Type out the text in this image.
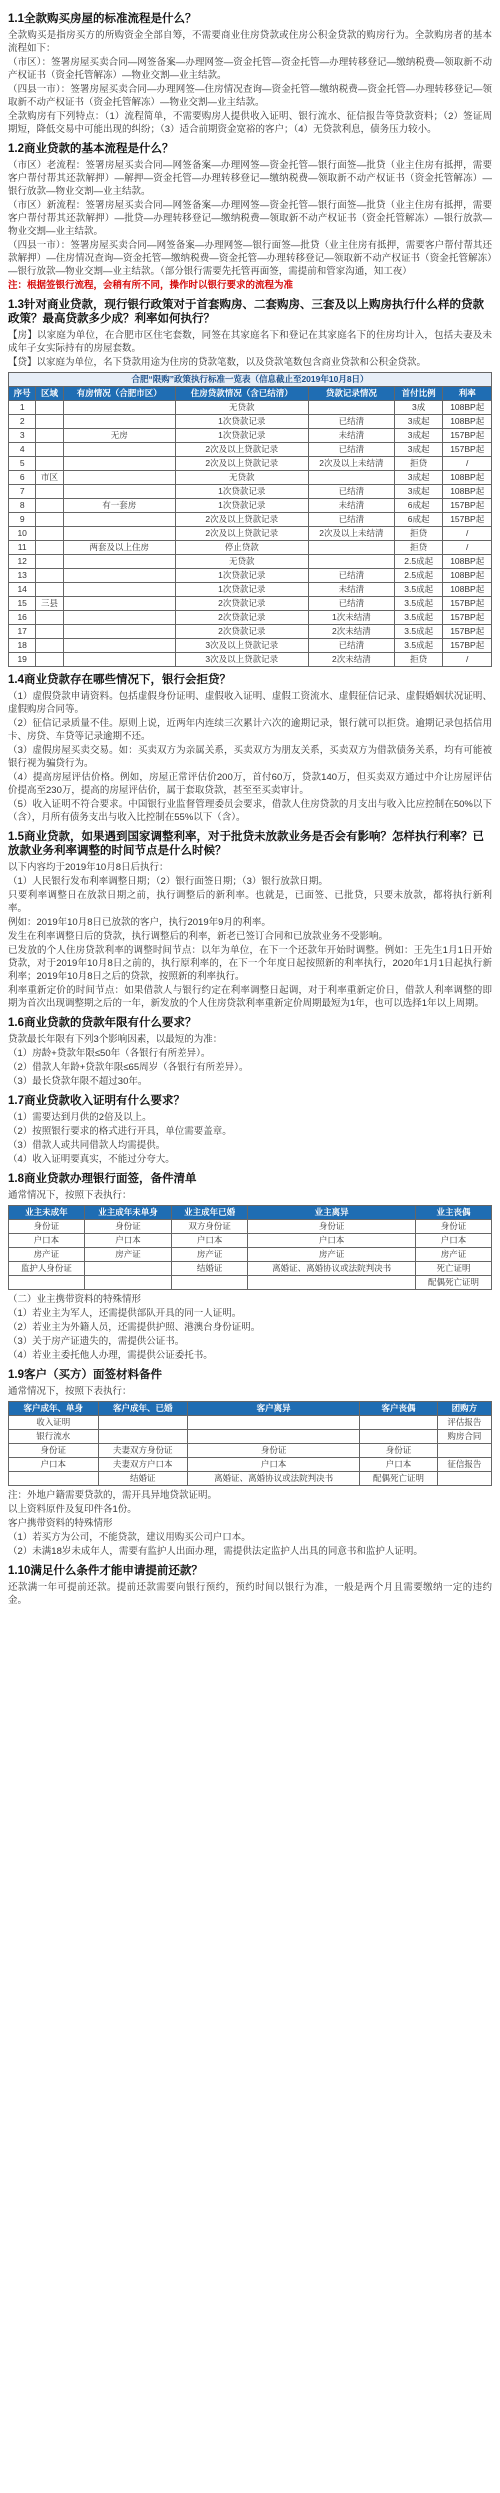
1.1全款购买房屋的标准流程是什么？

全款购买是指房买方的所购资金全部自筹，不需要商业住房贷款或住房公积金贷款的购房行为。全款购房者的基本流程如下：

（市区）：签署房屋买卖合同—网签备案—办理网签—资金托管—资金托管—办理转移登记—缴纳税费—领取新不动产权证书（资金托管解冻）—物业交割—业主结款。

（四县一市）：签署房屋买卖合同—办理网签—住房情况查询—资金托管—缴纳税费—资金托管—办理转移登记—领取新不动产权证书（资金托管解冻）—物业交割—业主结款。

全款购房有下列特点：（1）流程简单，不需要购房人提供收入证明、银行流水、征信报告等贷款资料；（2）签证周期短，降低交易中可能出现的纠纷；（3）适合前期资金宽裕的客户；（4）无贷款利息，债务压力较小。

1.2商业贷款的基本流程是什么？

（市区）老流程：签署房屋买卖合同—网签备案—办理网签—资金托管—银行面签—批贷（业主住房有抵押，需要客户帮付帮其还款解押）—解押—资金托管—办理转移登记—缴纳税费—领取新不动产权证书（资金托管解冻）—银行放款—物业交割—业主结款。

（市区）新流程：签署房屋买卖合同—网签备案—办理网签—资金托管—银行面签—批贷（业主住房有抵押，需要客户帮付帮其还款解押）—批贷—办理转移登记—缴纳税费—领取新不动产权证书（资金托管解冻）—银行放款—物业交割—业主结款。

（四县一市）：签署房屋买卖合同—网签备案—办理网签—银行面签—批贷（业主住房有抵押，需要客户帮付帮其还款解押）—住房情况查询—资金托管—缴纳税费—资金托管—办理转移登记—领取新不动产权证书（资金托管解冻）—银行放款—物业交割—业主结款。（部分银行需要先托管再面签，需提前和管家沟通，知工夜）

注：根据签银行流程，会稍有所不同，操作时以银行要求的流程为准

1.3针对商业贷款，现行银行政策对于首套购房、二套购房、三套及以上购房执行什么样的贷款政策？最高贷款多少成？利率如何执行？

【房】以家庭为单位，在合肥市区住宅套数，同签在其家庭名下和登记在其家庭名下的住房均计入，包括夫妻及未成年子女实际持有的房屋套数。

【贷】以家庭为单位，名下贷款用途为住房的贷款笔数，以及贷款笔数包含商业贷款和公积金贷款。

合肥“限购”政策执行标准一览表（信息截止至2019年10月8日）						
序号	区域	有房情况（合肥市区）	住房贷款情况（含已结清）	贷款记录情况	首付比例	利率
1			无贷款		3成	108BP起
2			1次贷款记录	已结清	3成起	108BP起
3		无房	1次贷款记录	未结清	3成起	157BP起
4			2次及以上贷款记录	已结清	3成起	157BP起
5			2次及以上贷款记录	2次及以上未结清	拒贷	/
6	市区		无贷款		3成起	108BP起
7			1次贷款记录	已结清	3成起	108BP起
8		有一套房	1次贷款记录	未结清	6成起	157BP起
9			2次及以上贷款记录	已结清	6成起	157BP起
10			2次及以上贷款记录	2次及以上未结清	拒贷	/
11		两套及以上住房	停止贷款		拒贷	/
12			无贷款		2.5成起	108BP起
13			1次贷款记录	已结清	2.5成起	108BP起
14			1次贷款记录	未结清	3.5成起	108BP起
15	三县		2次贷款记录	已结清	3.5成起	157BP起
16			2次贷款记录	1次未结清	3.5成起	157BP起
17			2次贷款记录	2次未结清	3.5成起	157BP起
18			3次及以上贷款记录	已结清	3.5成起	157BP起
19			3次及以上贷款记录	2次未结清	拒贷	/
1.4商业贷款存在哪些情况下，银行会拒贷？

（1）虚假贷款申请资料。包括虚假身份证明、虚假收入证明、虚假工资流水、虚假征信记录、虚假婚姻状况证明、虚假购房合同等。

（2）征信记录质量不佳。原则上说，近两年内连续三次累计六次的逾期记录，银行就可以拒贷。逾期记录包括信用卡、房贷、车贷等记录逾期不还。

（3）虚假房屋买卖交易。如：买卖双方为亲属关系，买卖双方为朋友关系，买卖双方为借款债务关系，均有可能被银行视为骗贷行为。

（4）提高房屋评估价格。例如，房屋正常评估价200万，首付60万，贷款140万，但买卖双方通过中介让房屋评估价提高至230万，提高的房屋评估价，属于套取贷款，甚至至买卖审计。

（5）收入证明不符合要求。中国银行业监督管理委员会要求，借款人住房贷款的月支出与收入比应控制在50%以下（含），月所有债务支出与收入比控制在55%以下（含）。

1.5商业贷款，如果遇到国家调整利率，对于批贷未放款业务是否会有影响？怎样执行利率？已放款业务利率调整的时间节点是什么时候？

以下内容均于2019年10月8日后执行：

（1）人民银行发布利率调整日期；（2）银行面签日期；（3）银行放款日期。

只要利率调整日在放款日期之前，执行调整后的新利率。也就是，已面签、已批贷，只要未放款，都将执行新利率。

例如：2019年10月8日已放款的客户，执行2019年9月的利率。

发生在利率调整日后的贷款，执行调整后的利率，新老已签订合同和已放款业务不受影响。

已发放的个人住房贷款利率的调整时间节点：以年为单位，在下一个还款年开始时调整。例如：王先生1月1日开始贷款，对于2019年10月8日之前的，执行原利率的，在下一个年度日起按照新的利率执行，2020年1月1日起执行新利率；2019年10月8日之后的贷款，按照新的利率执行。

利率重新定价的时间节点：如果借款人与银行约定在利率调整日起调，对于利率重新定价日，借款人利率调整的即期为首次出现调整期之后的一年，新发放的个人住房贷款利率重新定价周期最短为1年，也可以选择1年以上周期。

1.6商业贷款的贷款年限有什么要求？

贷款最长年限有下列3个影响因素，以最短的为准：

（1）房龄+贷款年限≤50年（各银行有所差异）。

（2）借款人年龄+贷款年限≤65周岁（各银行有所差异）。

（3）最长贷款年限不超过30年。

1.7商业贷款收入证明有什么要求？

（1）需要达到月供的2倍及以上。

（2）按照银行要求的格式进行开具，单位需要盖章。

（3）借款人或共同借款人均需提供。

（4）收入证明要真实，不能过分夸大。

1.8商业贷款办理银行面签，备件清单

通常情况下，按照下表执行：

业主未成年	业主成年未单身	业主成年已婚	业主离异	业主丧偶
身份证	身份证	双方身份证	身份证	身份证
户口本	户口本	户口本	户口本	户口本
房产证	房产证	房产证	房产证	房产证
监护人身份证		结婚证	离婚证、离婚协议或法院判决书	死亡证明
				配偶死亡证明

（二）业主携带资料的特殊情形

（1）若业主为军人，还需提供部队开具的同一人证明。

（2）若业主为外籍人员，还需提供护照、港澳台身份证明。

（3）关于房产证遗失的，需提供公证书。

（4）若业主委托他人办理，需提供公证委托书。

1.9客户（买方）面签材料备件

通常情况下，按照下表执行：

客户成年、单身	客户成年、已婚	客户离异	客户丧偶	团购方
收入证明				评估报告
银行流水				购房合同
身份证	夫妻双方身份证	身份证	身份证	
户口本	夫妻双方户口本	户口本	户口本	征信报告
	结婚证	离婚证、离婚协议或法院判决书	配偶死亡证明	

注：外地户籍需要贷款的，需开具异地贷款证明。

以上资料原件及复印件各1份。

客户携带资料的特殊情形

（1）若买方为公司，不能贷款，建议用购买公司户口本。

（2）未满18岁未成年人，需要有监护人出面办理，需提供法定监护人出具的同意书和监护人证明。

1.10满足什么条件才能申请提前还款？

还款满一年可提前还款。提前还款需要向银行预约，预约时间以银行为准，一般是两个月且需要缴纳一定的违约金。
